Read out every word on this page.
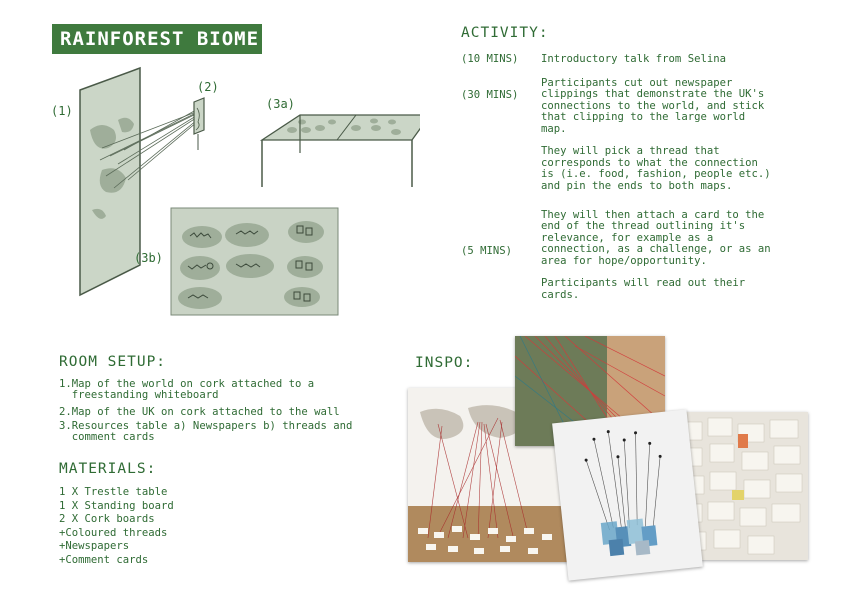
RAINFOREST BIOME
(1)
(2)
(3a)
(3b)
ACTIVITY:
(10 MINS) Introductory talk from Selina
(30 MINS)
Participants cut out newspaper
clippings that demonstrate the UK's
connections to the world, and stick
that clipping to the large world
map.

They will pick a thread that
corresponds to what the connection
is (i.e. food, fashion, people etc.)
and pin the ends to both maps.
(5 MINS)
They will then attach a card to the
end of the thread outlining it's
relevance, for example as a
connection, as a challenge, or as an
area for hope/opportunity.

Participants will read out their
cards.
ROOM SETUP:
1.Map of the world on cork attached to a
freestanding whiteboard
2.Map of the UK on cork attached to the wall
3.Resources table a) Newspapers b) threads and
comment cards
MATERIALS:
1 X Trestle table
1 X Standing board
2 X Cork boards
+Coloured threads
+Newspapers
+Comment cards
INSPO:
